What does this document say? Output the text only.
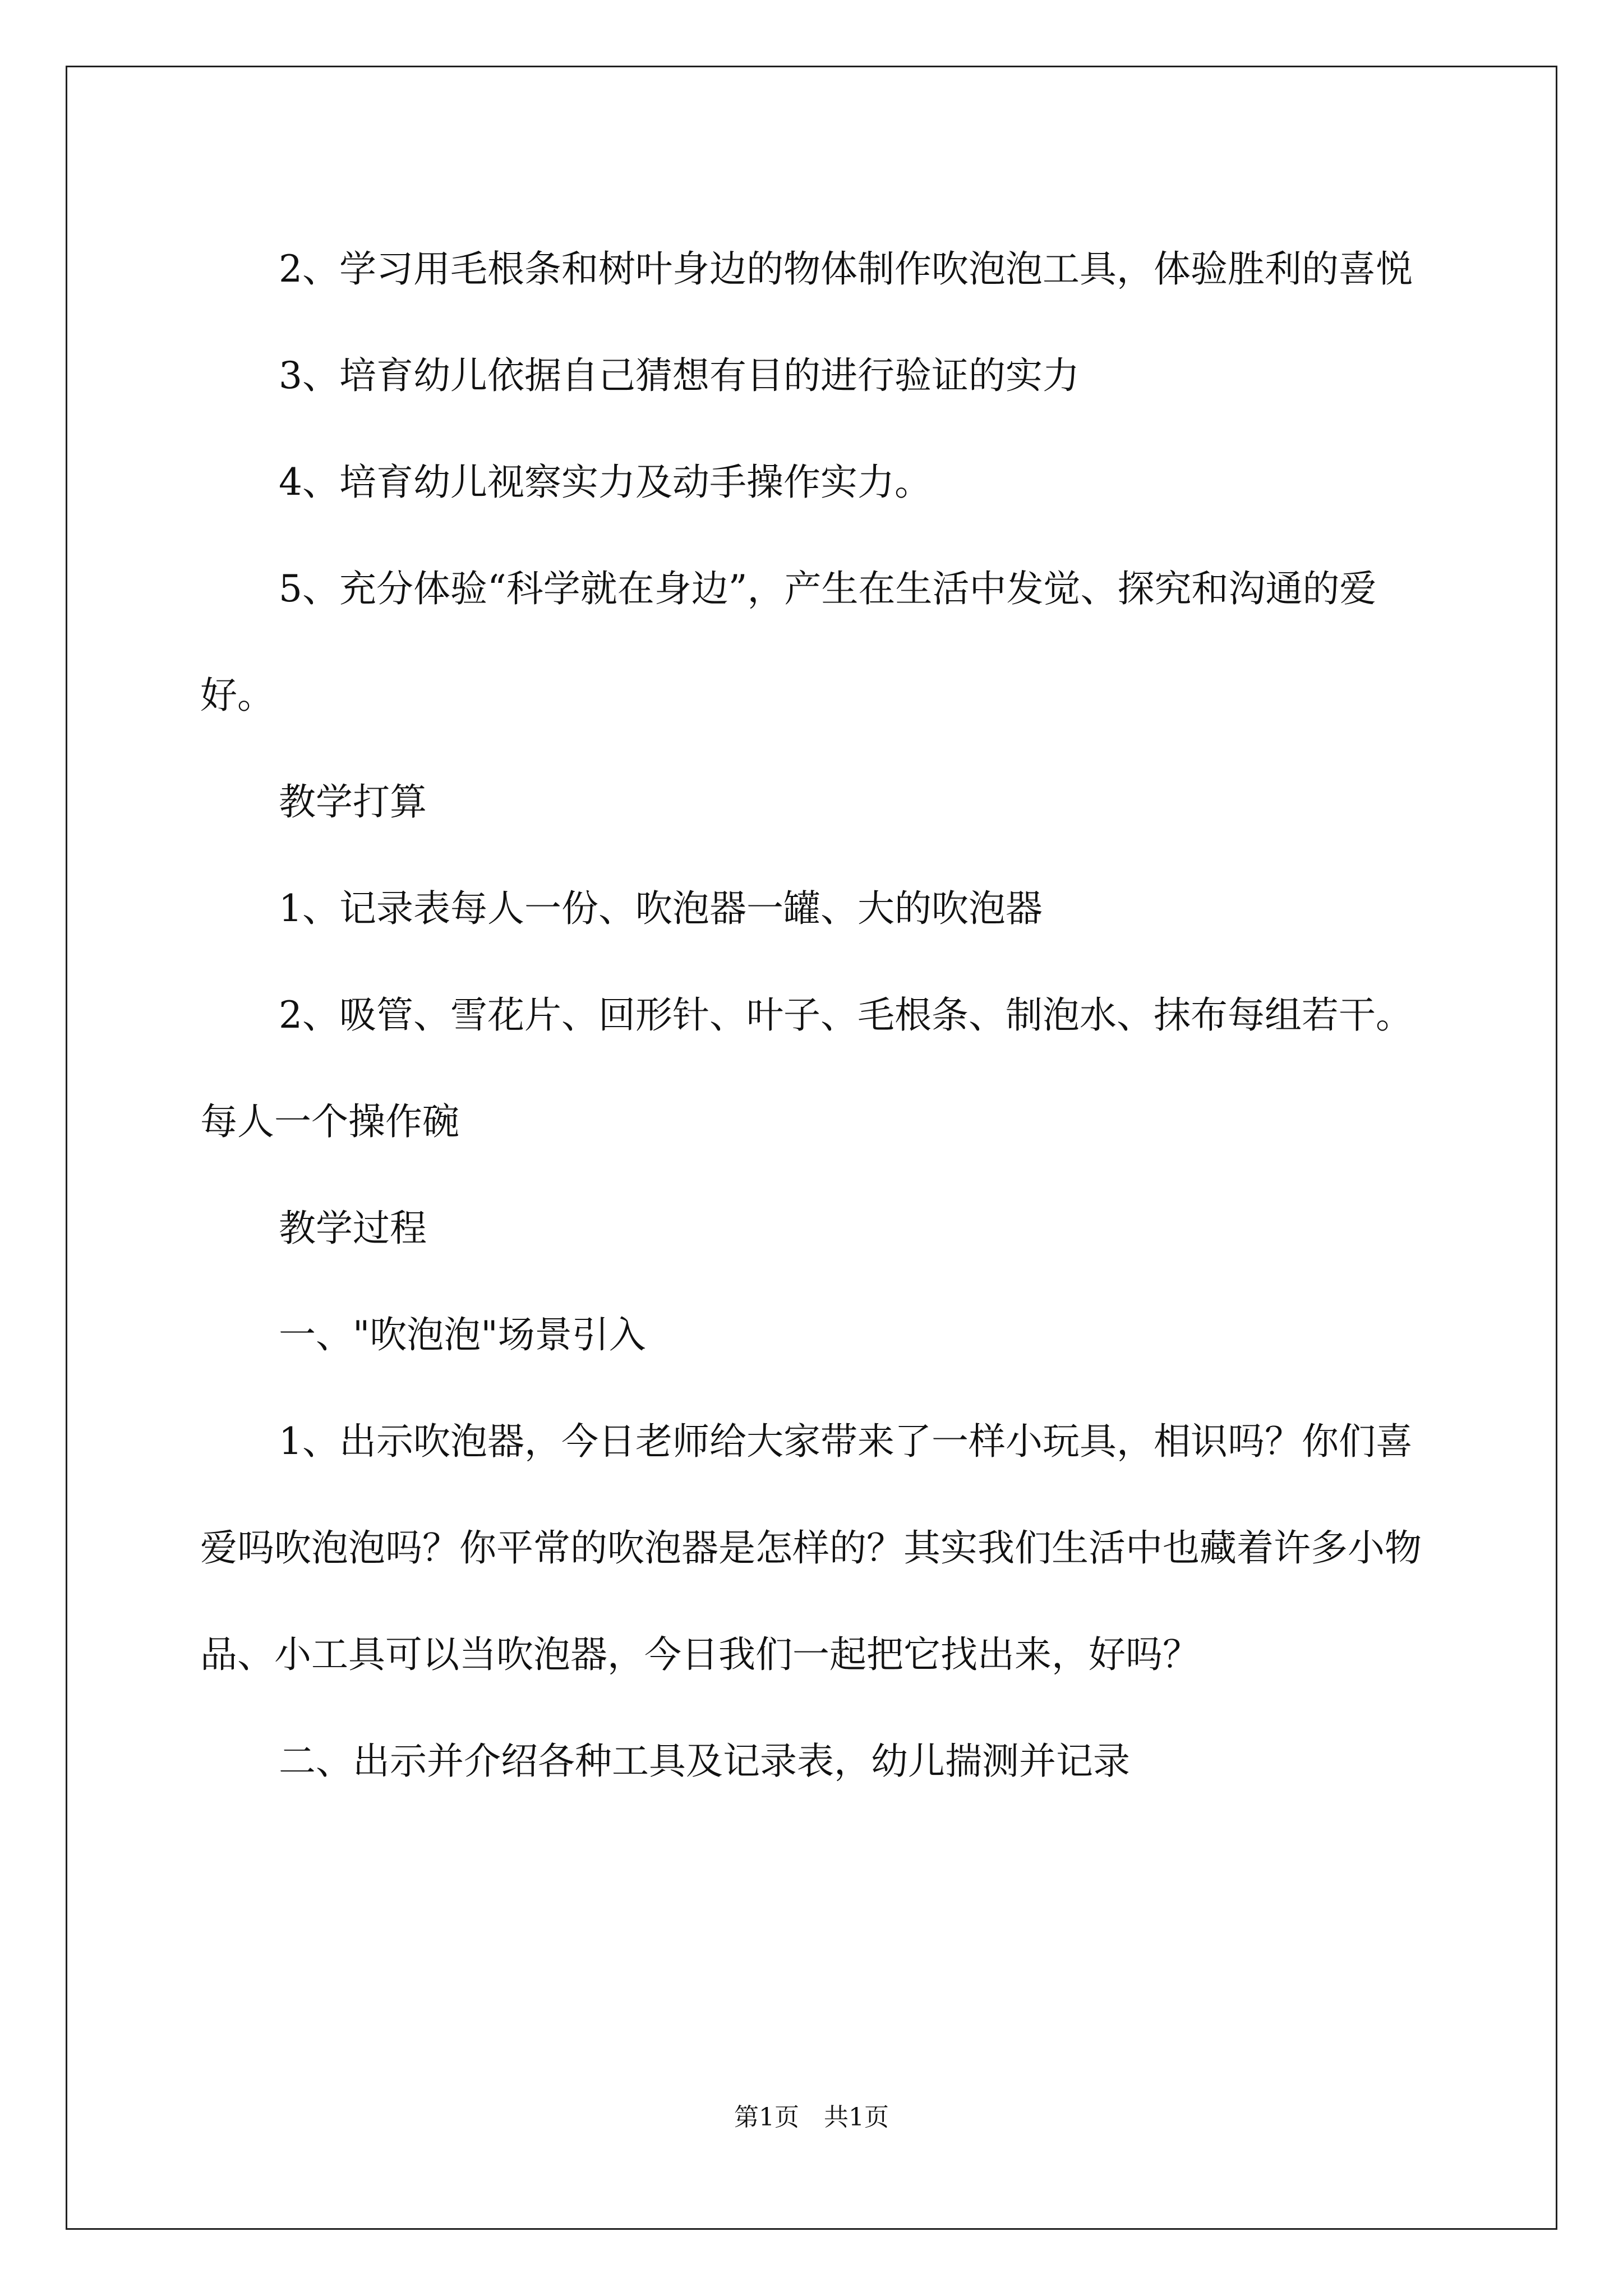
2、学习用毛根条和树叶身边的物体制作吹泡泡工具，体验胜利的喜悦

3、培育幼儿依据自己猜想有目的进行验证的实力

4、培育幼儿视察实力及动手操作实力。

5、充分体验“科学就在身边”，产生在生活中发觉、探究和沟通的爱好。

教学打算

1、记录表每人一份、吹泡器一罐、大的吹泡器

2、吸管、雪花片、回形针、叶子、毛根条、制泡水、抹布每组若干。每人一个操作碗

教学过程

一、"吹泡泡"场景引入

1、出示吹泡器，今日老师给大家带来了一样小玩具，相识吗？你们喜爱吗吹泡泡吗？你平常的吹泡器是怎样的？其实我们生活中也藏着许多小物品、小工具可以当吹泡器，今日我们一起把它找出来，好吗？

二、出示并介绍各种工具及记录表，幼儿揣测并记录

第1页　共1页
